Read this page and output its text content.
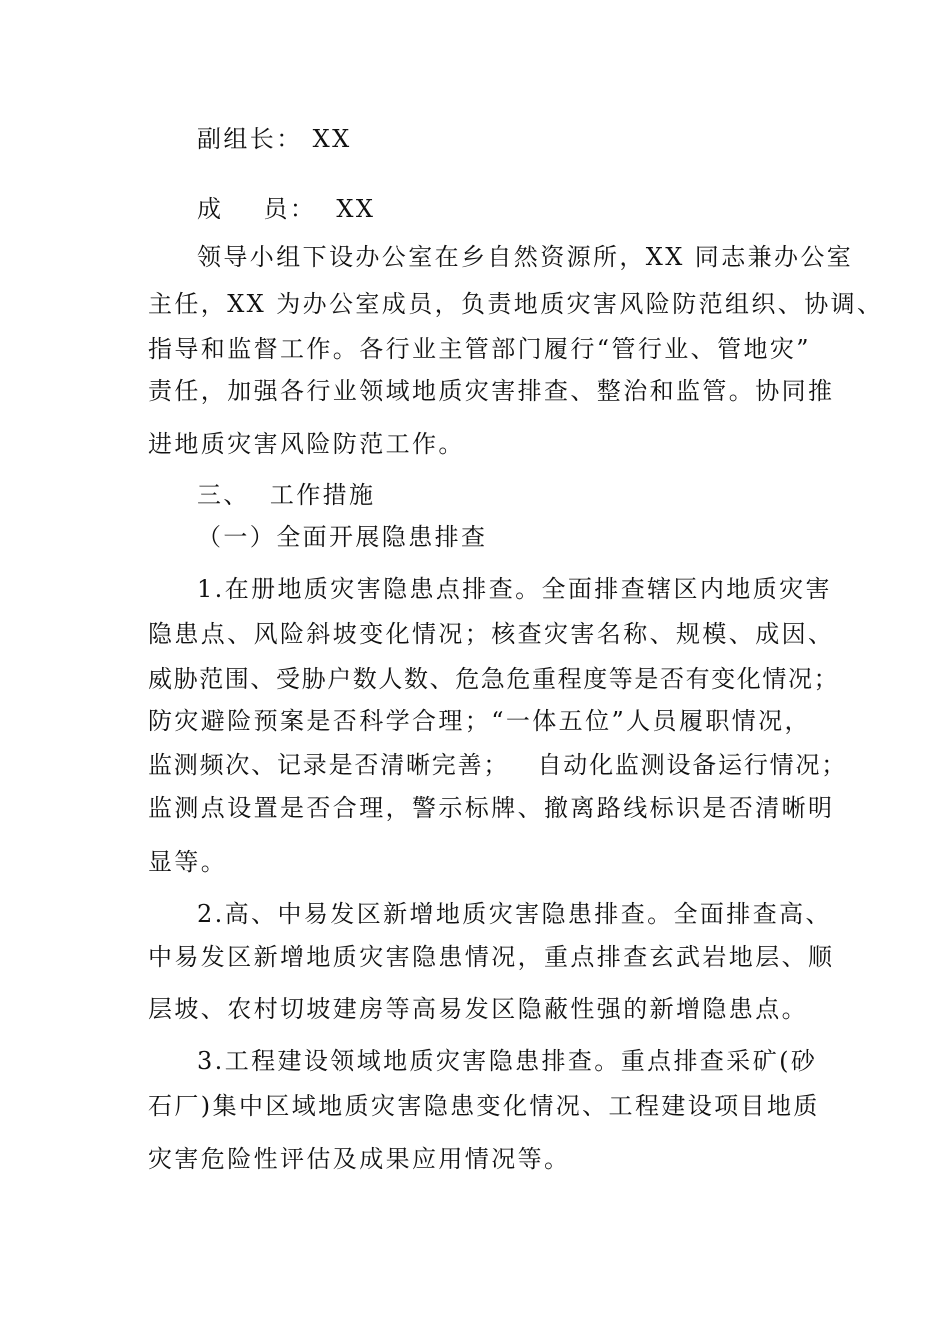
副组长： XX
成    员：  XX
领导小组下设办公室在乡自然资源所，XX 同志兼办公室
主任，XX 为办公室成员，负责地质灾害风险防范组织、协调、
指导和监督工作。各行业主管部门履行“管行业、管地灾”
责任，加强各行业领域地质灾害排查、整治和监管。协同推
进地质灾害风险防范工作。
三、  工作措施
（一）全面开展隐患排查
1.在册地质灾害隐患点排查。全面排查辖区内地质灾害
隐患点、风险斜坡变化情况；核查灾害名称、规模、成因、
威胁范围、受胁户数人数、危急危重程度等是否有变化情况；
防灾避险预案是否科学合理；“一体五位”人员履职情况，
监测频次、记录是否清晰完善；   自动化监测设备运行情况；
监测点设置是否合理，警示标牌、撤离路线标识是否清晰明
显等。
2.高、中易发区新增地质灾害隐患排查。全面排查高、
中易发区新增地质灾害隐患情况，重点排查玄武岩地层、顺
层坡、农村切坡建房等高易发区隐蔽性强的新增隐患点。
3.工程建设领域地质灾害隐患排查。重点排查采矿(砂
石厂)集中区域地质灾害隐患变化情况、工程建设项目地质
灾害危险性评估及成果应用情况等。
